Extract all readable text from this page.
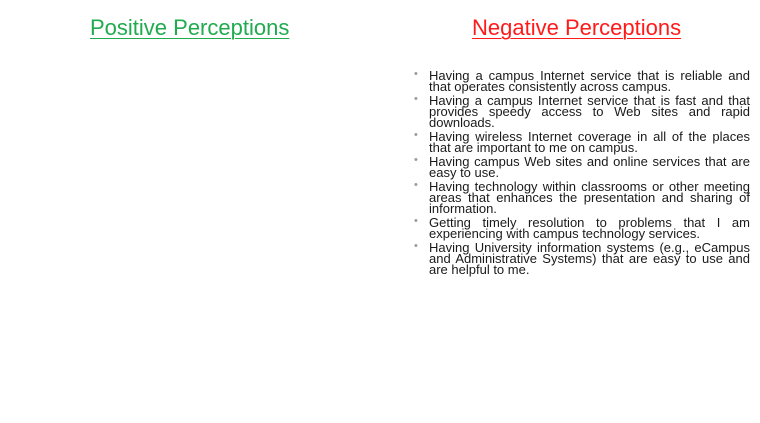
Positive Perceptions	Negative Perceptions
• Having a campus Internet service that is reliable and that operates consistently across campus.
• Having a campus Internet service that is fast and that provides speedy access to Web sites and rapid downloads.
• Having wireless Internet coverage in all of the places that are important to me on campus.
• Having campus Web sites and online services that are easy to use.
• Having technology within classrooms or other meeting areas that enhances the presentation and sharing of information.
• Getting timely resolution to problems that I am experiencing with campus technology services.
• Having University information systems (e.g., eCampus and Administrative Systems) that are easy to use and are helpful to me.
